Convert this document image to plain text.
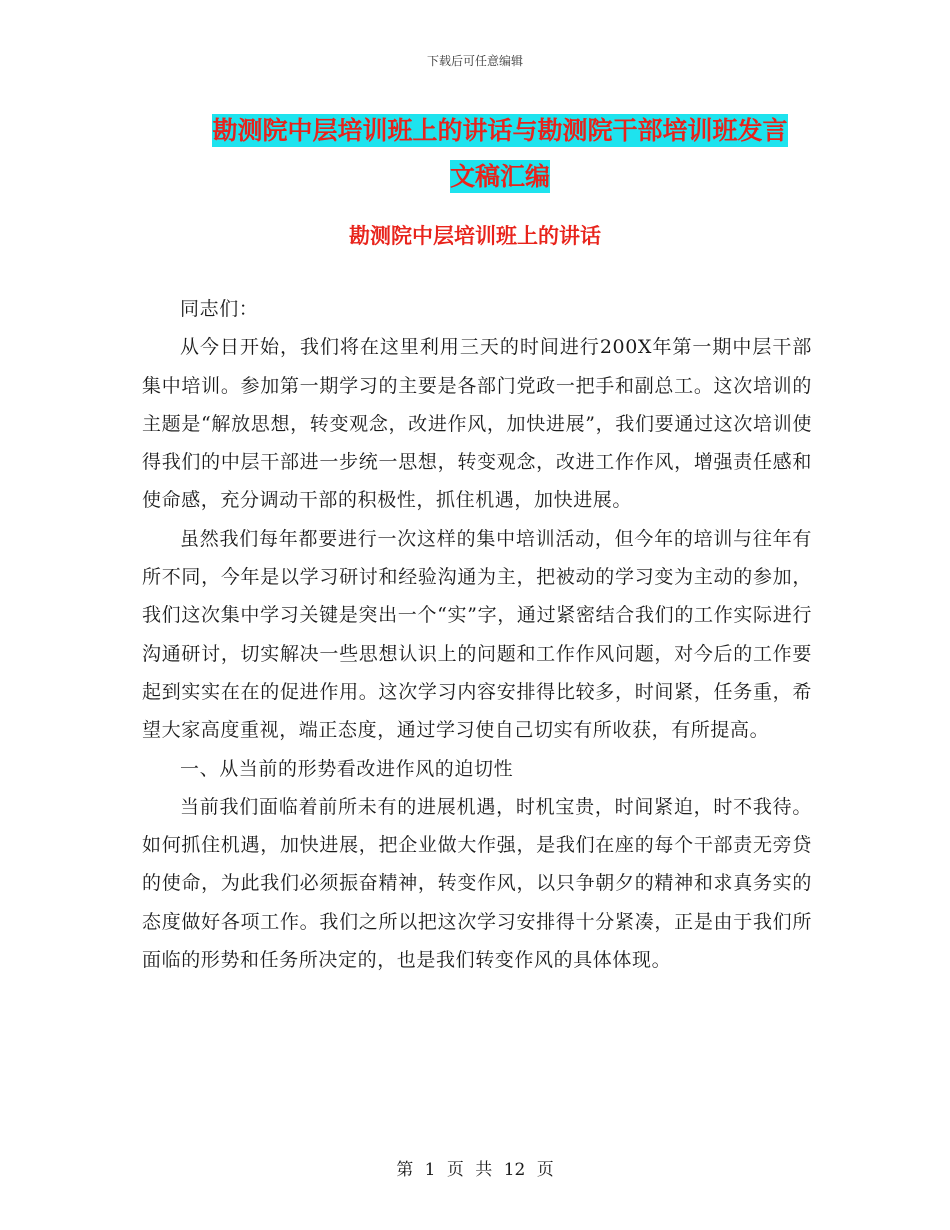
下载后可任意编辑
勘测院中层培训班上的讲话与勘测院干部培训班发言
文稿汇编
勘测院中层培训班上的讲话

同志们：

从今日开始，我们将在这里利用三天的时间进行200X年第一期中层干部集中培训。参加第一期学习的主要是各部门党政一把手和副总工。这次培训的主题是“解放思想，转变观念，改进作风，加快进展”，我们要通过这次培训使得我们的中层干部进一步统一思想，转变观念，改进工作作风，增强责任感和使命感，充分调动干部的积极性，抓住机遇，加快进展。

虽然我们每年都要进行一次这样的集中培训活动，但今年的培训与往年有所不同，今年是以学习研讨和经验沟通为主，把被动的学习变为主动的参加，我们这次集中学习关键是突出一个“实”字，通过紧密结合我们的工作实际进行沟通研讨，切实解决一些思想认识上的问题和工作作风问题，对今后的工作要起到实实在在的促进作用。这次学习内容安排得比较多，时间紧，任务重，希望大家高度重视，端正态度，通过学习使自己切实有所收获，有所提高。

一、从当前的形势看改进作风的迫切性

当前我们面临着前所未有的进展机遇，时机宝贵，时间紧迫，时不我待。如何抓住机遇，加快进展，把企业做大作强，是我们在座的每个干部责无旁贷的使命，为此我们必须振奋精神，转变作风，以只争朝夕的精神和求真务实的态度做好各项工作。我们之所以把这次学习安排得十分紧凑，正是由于我们所面临的形势和任务所决定的，也是我们转变作风的具体体现。

第 1 页 共 12 页
